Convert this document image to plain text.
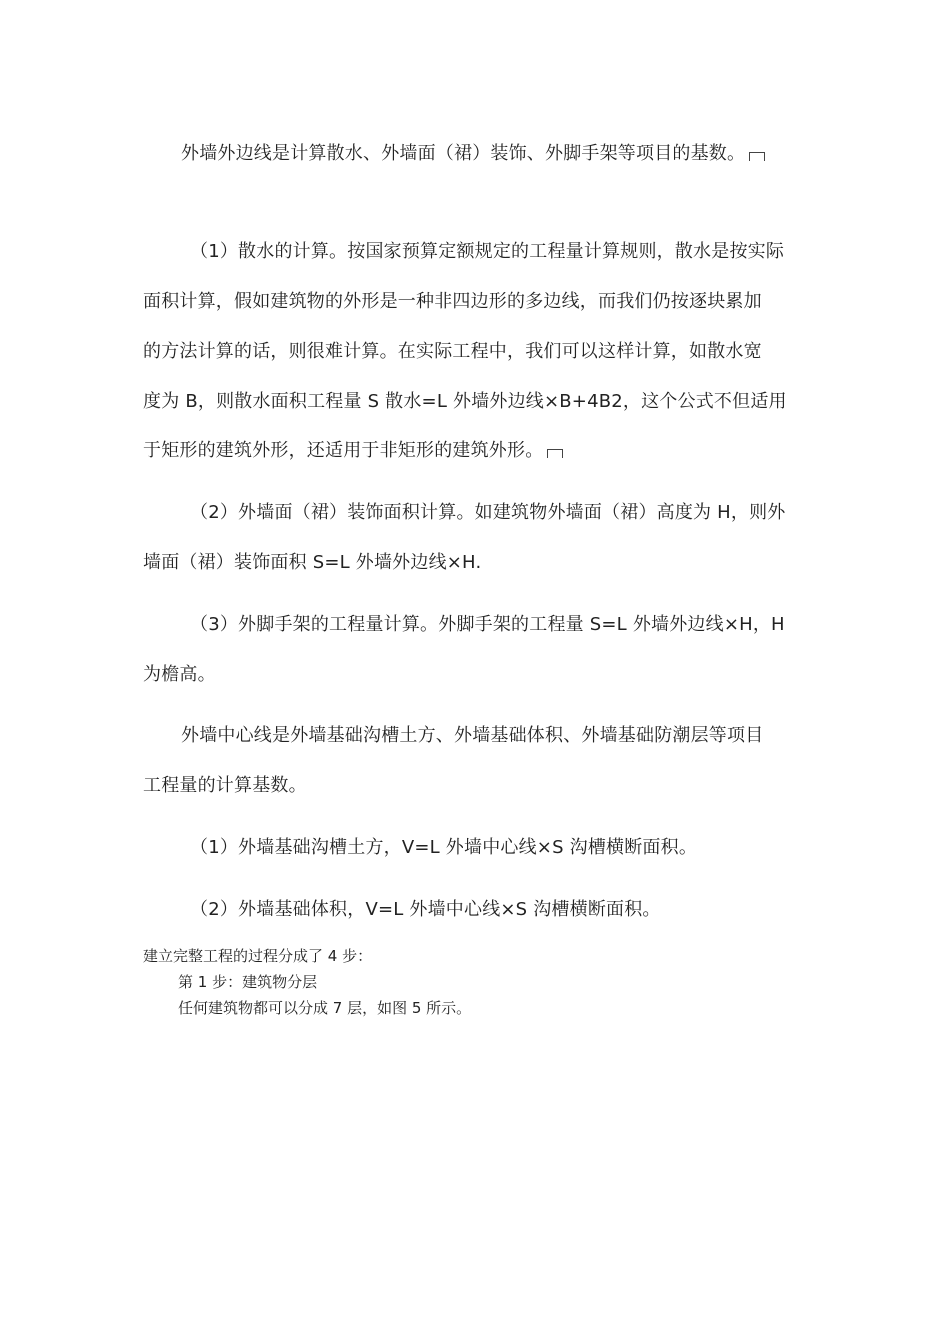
外墙外边线是计算散水、外墙面（裙）装饰、外脚手架等项目的基数。
（1）散水的计算。按国家预算定额规定的工程量计算规则，散水是按实际
面积计算，假如建筑物的外形是一种非四边形的多边线，而我们仍按逐块累加
的方法计算的话，则很难计算。在实际工程中，我们可以这样计算，如散水宽
度为 B，则散水面积工程量 S 散水=L 外墙外边线×B+4B2，这个公式不但适用
于矩形的建筑外形，还适用于非矩形的建筑外形。
（2）外墙面（裙）装饰面积计算。如建筑物外墙面（裙）高度为 H，则外
墙面（裙）装饰面积 S=L 外墙外边线×H.
（3）外脚手架的工程量计算。外脚手架的工程量 S=L 外墙外边线×H，H
为檐高。
外墙中心线是外墙基础沟槽土方、外墙基础体积、外墙基础防潮层等项目
工程量的计算基数。
（1）外墙基础沟槽土方，V=L 外墙中心线×S 沟槽横断面积。
（2）外墙基础体积，V=L 外墙中心线×S 沟槽横断面积。
建立完整工程的过程分成了 4 步：
第 1 步：建筑物分层
任何建筑物都可以分成 7 层，如图 5 所示。
